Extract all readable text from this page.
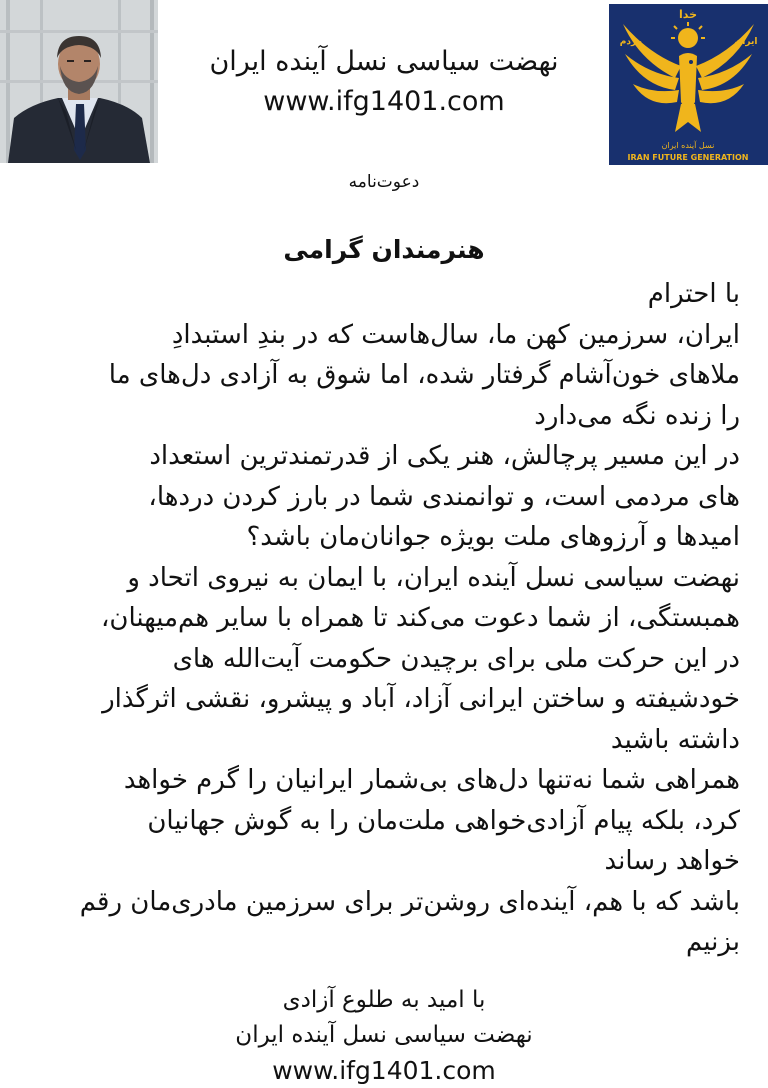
نهضت سیاسی نسل آینده ایران
www.ifg1401.com
خدا
مردم	ایران
نسل آینده ایران
IRAN FUTURE GENERATION
دعوت‌نامه
هنرمندان گرامی
با احترام
ایران، سرزمین کهن ما، سال‌هاست که در بندِ استبدادِ
ملاهای خون‌آشام گرفتار شده، اما شوق به آزادی دل‌های ما
را زنده نگه می‌دارد
در این مسیر پرچالش، هنر یکی از قدرتمندترین استعداد
های مردمی است، و توانمندی شما در بارز کردن دردها،
امیدها و آرزوهای ملت بویژه جوانان‌مان باشد؟
نهضت سیاسی نسل آینده ایران، با ایمان به نیروی اتحاد و
همبستگی، از شما دعوت می‌کند تا همراه با سایر هم‌میهنان،
در این حرکت ملی برای برچیدن حکومت آیت‌الله های
خودشیفته و ساختن ایرانی آزاد، آباد و پیشرو، نقشی اثرگذار
داشته باشید
همراهی شما نه‌تنها دل‌های بی‌شمار ایرانیان را گرم خواهد
کرد، بلکه پیام آزادی‌خواهی ملت‌مان را به گوش جهانیان
خواهد رساند
باشد که با هم، آینده‌ای روشن‌تر برای سرزمین مادری‌مان رقم
بزنیم
با امید به طلوع آزادی
نهضت سیاسی نسل آینده ایران
www.ifg1401.com
